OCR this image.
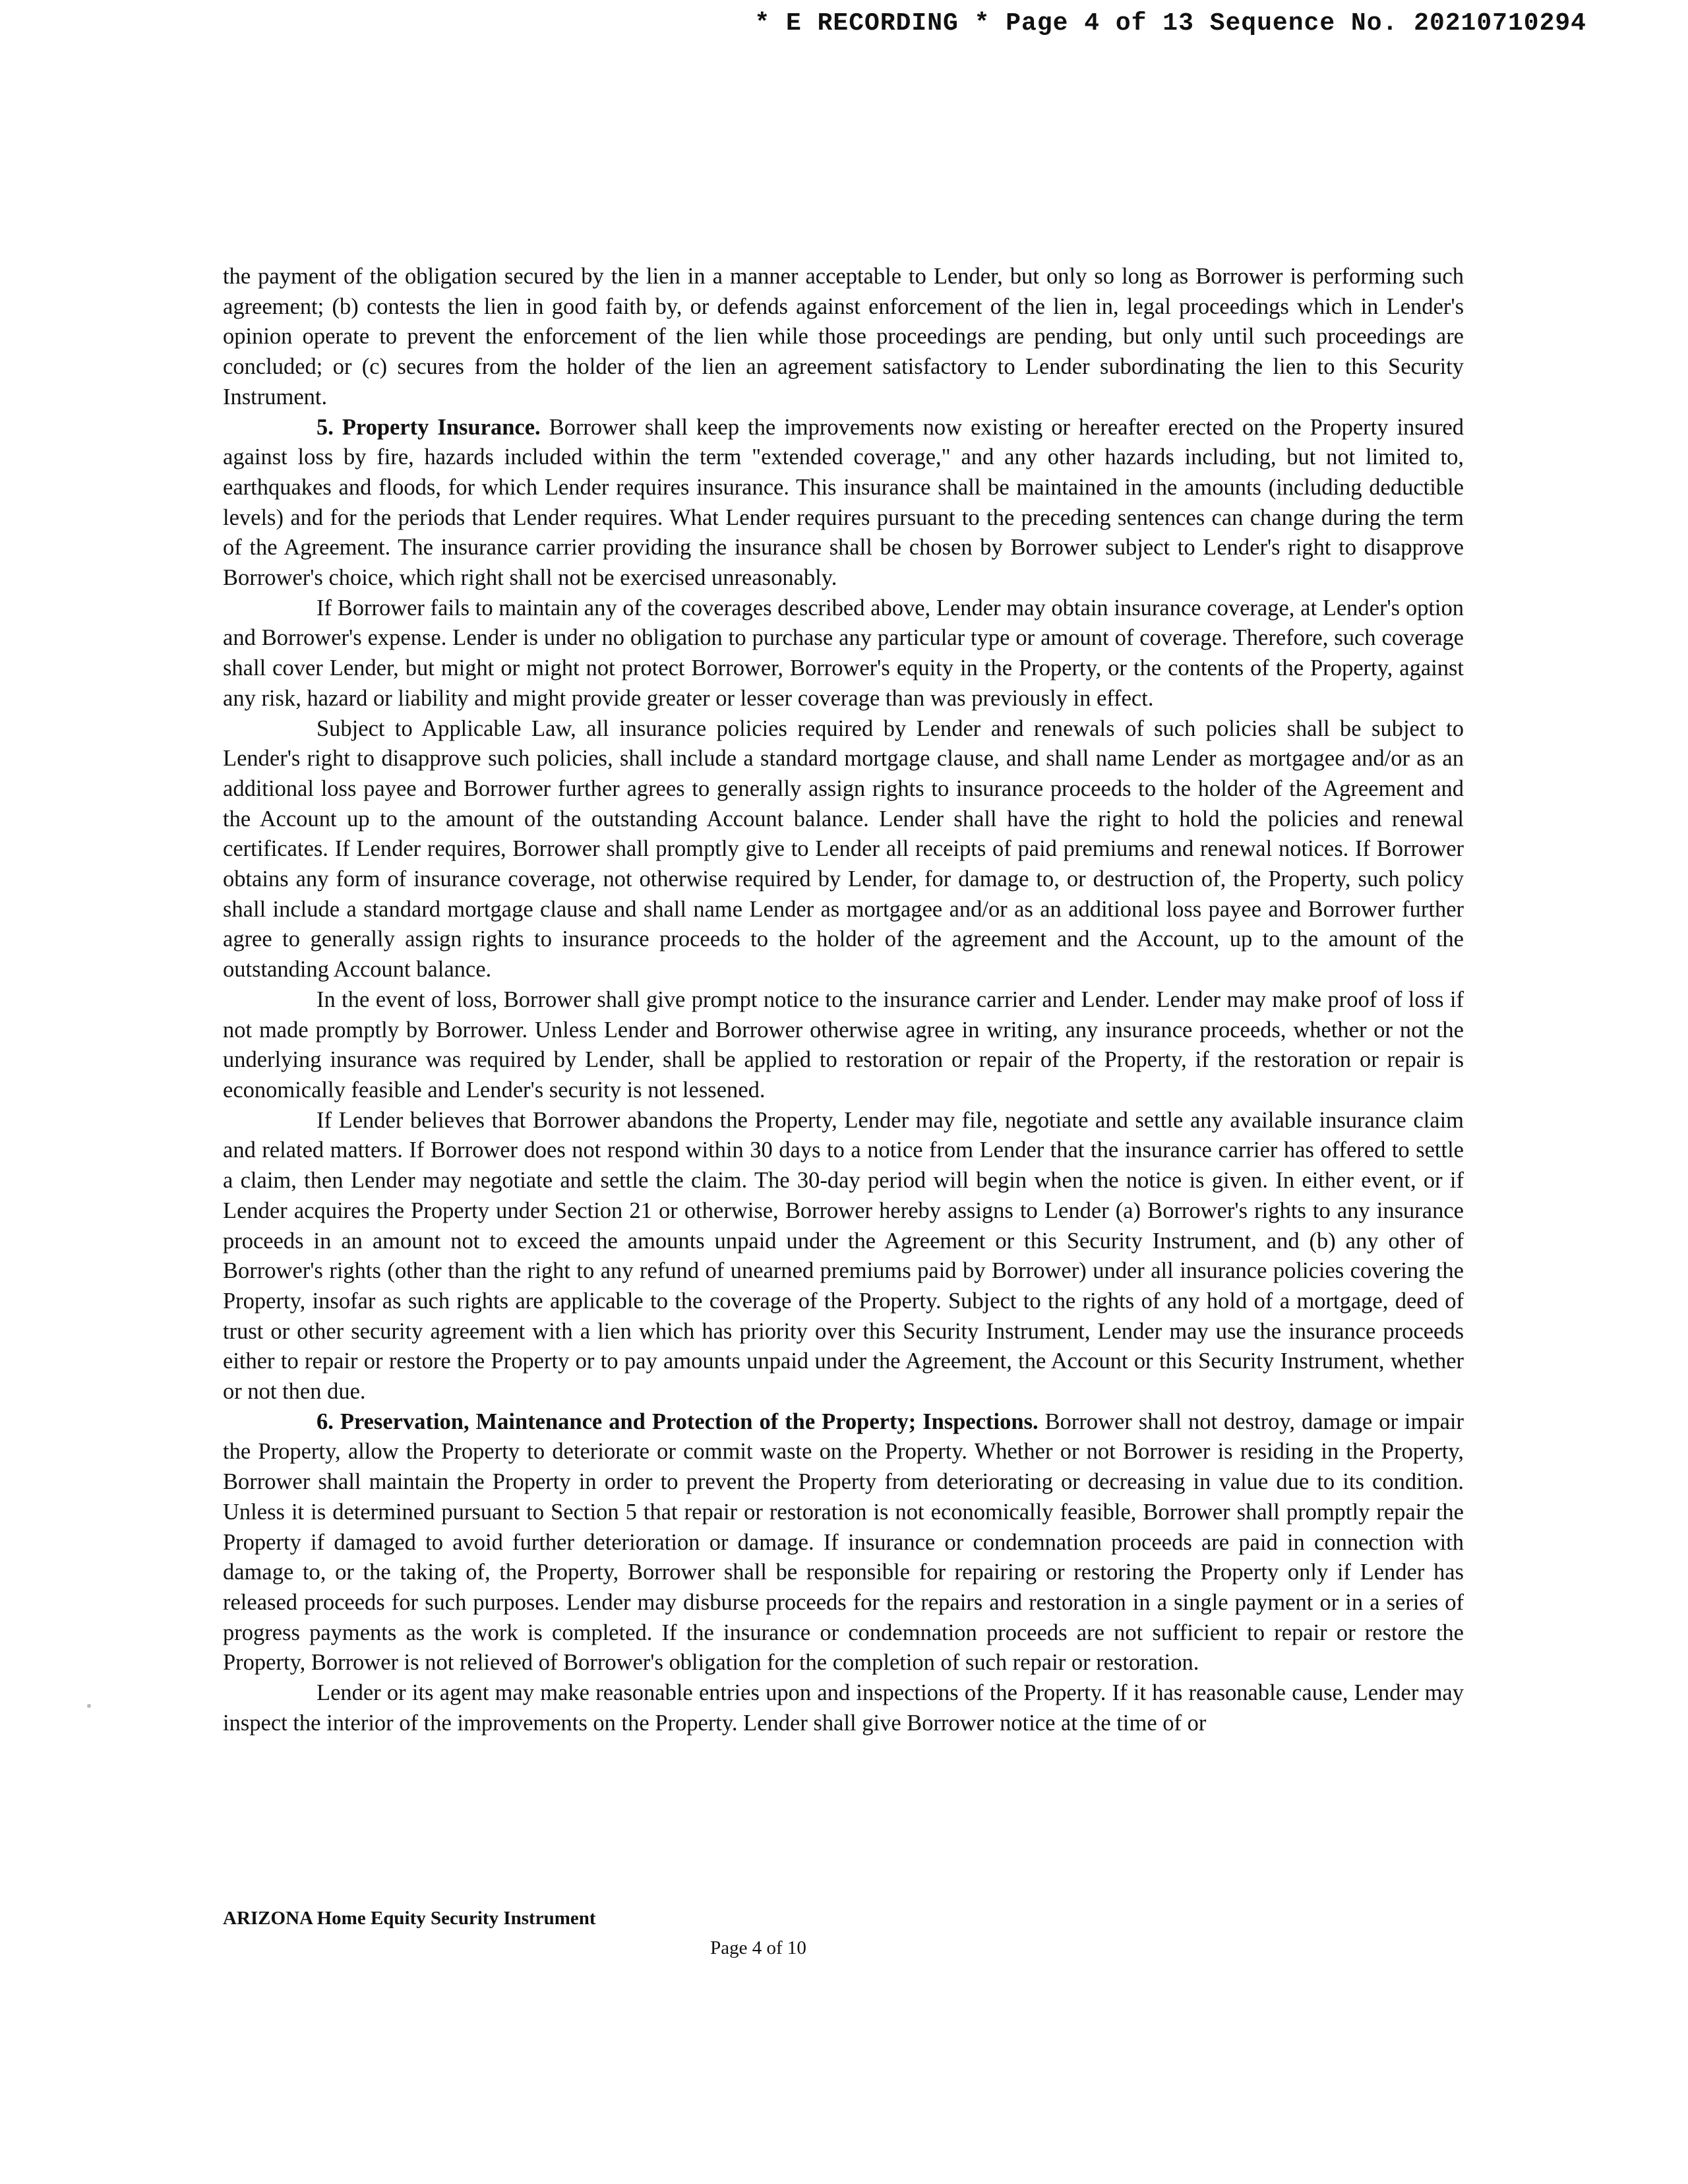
* E RECORDING * Page 4 of 13 Sequence No. 20210710294

the payment of the obligation secured by the lien in a manner acceptable to Lender, but only so long as Borrower is performing such agreement; (b) contests the lien in good faith by, or defends against enforcement of the lien in, legal proceedings which in Lender's opinion operate to prevent the enforcement of the lien while those proceedings are pending, but only until such proceedings are concluded; or (c) secures from the holder of the lien an agreement satisfactory to Lender subordinating the lien to this Security Instrument.

5. Property Insurance. Borrower shall keep the improvements now existing or hereafter erected on the Property insured against loss by fire, hazards included within the term "extended coverage," and any other hazards including, but not limited to, earthquakes and floods, for which Lender requires insurance. This insurance shall be maintained in the amounts (including deductible levels) and for the periods that Lender requires. What Lender requires pursuant to the preceding sentences can change during the term of the Agreement. The insurance carrier providing the insurance shall be chosen by Borrower subject to Lender's right to disapprove Borrower's choice, which right shall not be exercised unreasonably.

If Borrower fails to maintain any of the coverages described above, Lender may obtain insurance coverage, at Lender's option and Borrower's expense. Lender is under no obligation to purchase any particular type or amount of coverage. Therefore, such coverage shall cover Lender, but might or might not protect Borrower, Borrower's equity in the Property, or the contents of the Property, against any risk, hazard or liability and might provide greater or lesser coverage than was previously in effect.

Subject to Applicable Law, all insurance policies required by Lender and renewals of such policies shall be subject to Lender's right to disapprove such policies, shall include a standard mortgage clause, and shall name Lender as mortgagee and/or as an additional loss payee and Borrower further agrees to generally assign rights to insurance proceeds to the holder of the Agreement and the Account up to the amount of the outstanding Account balance. Lender shall have the right to hold the policies and renewal certificates. If Lender requires, Borrower shall promptly give to Lender all receipts of paid premiums and renewal notices. If Borrower obtains any form of insurance coverage, not otherwise required by Lender, for damage to, or destruction of, the Property, such policy shall include a standard mortgage clause and shall name Lender as mortgagee and/or as an additional loss payee and Borrower further agree to generally assign rights to insurance proceeds to the holder of the agreement and the Account, up to the amount of the outstanding Account balance.

In the event of loss, Borrower shall give prompt notice to the insurance carrier and Lender. Lender may make proof of loss if not made promptly by Borrower. Unless Lender and Borrower otherwise agree in writing, any insurance proceeds, whether or not the underlying insurance was required by Lender, shall be applied to restoration or repair of the Property, if the restoration or repair is economically feasible and Lender's security is not lessened.

If Lender believes that Borrower abandons the Property, Lender may file, negotiate and settle any available insurance claim and related matters. If Borrower does not respond within 30 days to a notice from Lender that the insurance carrier has offered to settle a claim, then Lender may negotiate and settle the claim. The 30-day period will begin when the notice is given. In either event, or if Lender acquires the Property under Section 21 or otherwise, Borrower hereby assigns to Lender (a) Borrower's rights to any insurance proceeds in an amount not to exceed the amounts unpaid under the Agreement or this Security Instrument, and (b) any other of Borrower's rights (other than the right to any refund of unearned premiums paid by Borrower) under all insurance policies covering the Property, insofar as such rights are applicable to the coverage of the Property. Subject to the rights of any hold of a mortgage, deed of trust or other security agreement with a lien which has priority over this Security Instrument, Lender may use the insurance proceeds either to repair or restore the Property or to pay amounts unpaid under the Agreement, the Account or this Security Instrument, whether or not then due.

6. Preservation, Maintenance and Protection of the Property; Inspections. Borrower shall not destroy, damage or impair the Property, allow the Property to deteriorate or commit waste on the Property. Whether or not Borrower is residing in the Property, Borrower shall maintain the Property in order to prevent the Property from deteriorating or decreasing in value due to its condition. Unless it is determined pursuant to Section 5 that repair or restoration is not economically feasible, Borrower shall promptly repair the Property if damaged to avoid further deterioration or damage. If insurance or condemnation proceeds are paid in connection with damage to, or the taking of, the Property, Borrower shall be responsible for repairing or restoring the Property only if Lender has released proceeds for such purposes. Lender may disburse proceeds for the repairs and restoration in a single payment or in a series of progress payments as the work is completed. If the insurance or condemnation proceeds are not sufficient to repair or restore the Property, Borrower is not relieved of Borrower's obligation for the completion of such repair or restoration.

Lender or its agent may make reasonable entries upon and inspections of the Property. If it has reasonable cause, Lender may inspect the interior of the improvements on the Property. Lender shall give Borrower notice at the time of or

ARIZONA Home Equity Security Instrument
Page 4 of 10
